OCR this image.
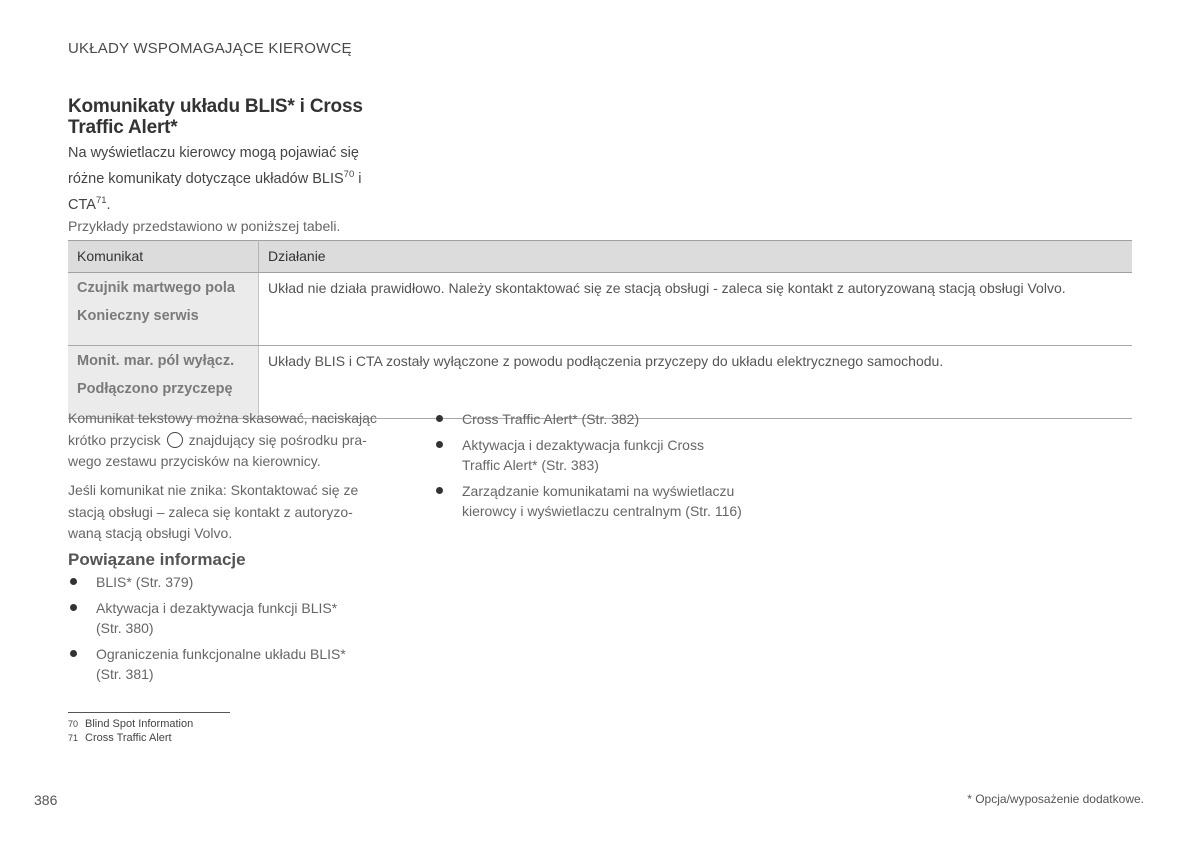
UKŁADY WSPOMAGAJĄCE KIEROWCĘ
Komunikaty układu BLIS* i Cross
Traffic Alert*
Na wyświetlaczu kierowcy mogą pojawiać się
różne komunikaty dotyczące układów BLIS$^{70}$ i
CTA$^{71}$.
Przykłady przedstawiono w poniższej tabeli.
Komunikat	Działanie

Czujnik martwego pola
Konieczny serwis	Układ nie działa prawidłowo. Należy skontaktować się ze stacją obsługi - zaleca się kontakt z autoryzowaną stacją obsługi Volvo.

Monit. mar. pól wyłącz.
Podłączono przyczepę	Układy BLIS i CTA zostały wyłączone z powodu podłączenia przyczepy do układu elektrycznego samochodu.
Komunikat tekstowy można skasować, naciskając
krótko przycisk znajdujący się pośrodku pra-
wego zestawu przycisków na kierownicy.
Jeśli komunikat nie znika: Skontaktować się ze
stacją obsługi – zaleca się kontakt z autoryzo-
waną stacją obsługi Volvo.
Powiązane informacje
BLIS* (Str. 379)
Aktywacja i dezaktywacja funkcji BLIS*
(Str. 380)
Ograniczenia funkcjonalne układu BLIS*
(Str. 381)
Cross Traffic Alert* (Str. 382)
Aktywacja i dezaktywacja funkcji Cross
Traffic Alert* (Str. 383)
Zarządzanie komunikatami na wyświetlaczu
kierowcy i wyświetlaczu centralnym (Str. 116)
70 Blind Spot Information
71 Cross Traffic Alert
386	* Opcja/wyposażenie dodatkowe.
